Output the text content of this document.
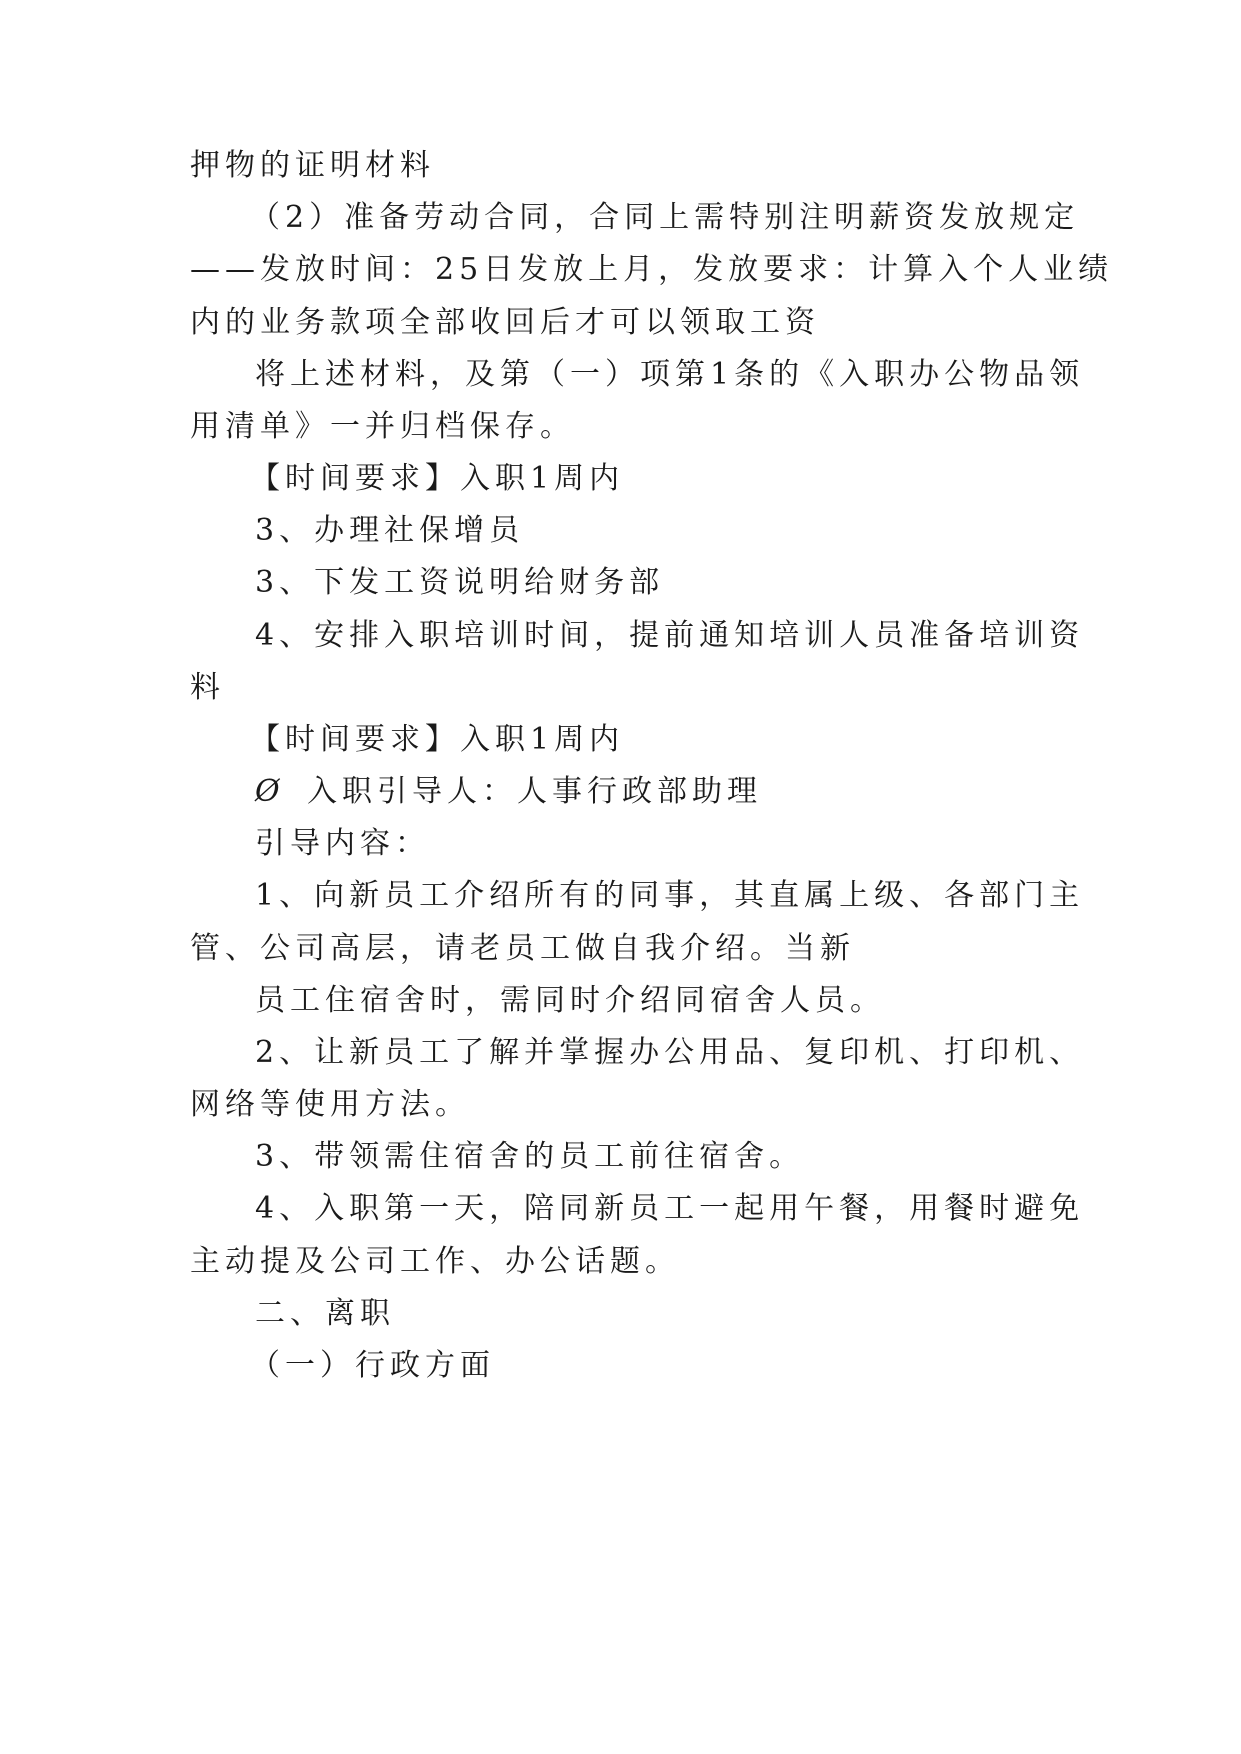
押物的证明材料
（2）准备劳动合同，合同上需特别注明薪资发放规定
——发放时间：25日发放上月，发放要求：计算入个人业绩
内的业务款项全部收回后才可以领取工资
将上述材料，及第（一）项第1条的《入职办公物品领
用清单》一并归档保存。
【时间要求】入职1周内
3、办理社保增员
3、下发工资说明给财务部
4、安排入职培训时间，提前通知培训人员准备培训资
料
【时间要求】入职1周内
Ø 入职引导人：人事行政部助理
引导内容：
1、向新员工介绍所有的同事，其直属上级、各部门主
管、公司高层，请老员工做自我介绍。当新
员工住宿舍时，需同时介绍同宿舍人员。
2、让新员工了解并掌握办公用品、复印机、打印机、
网络等使用方法。
3、带领需住宿舍的员工前往宿舍。
4、入职第一天，陪同新员工一起用午餐，用餐时避免
主动提及公司工作、办公话题。
二、离职
（一）行政方面
